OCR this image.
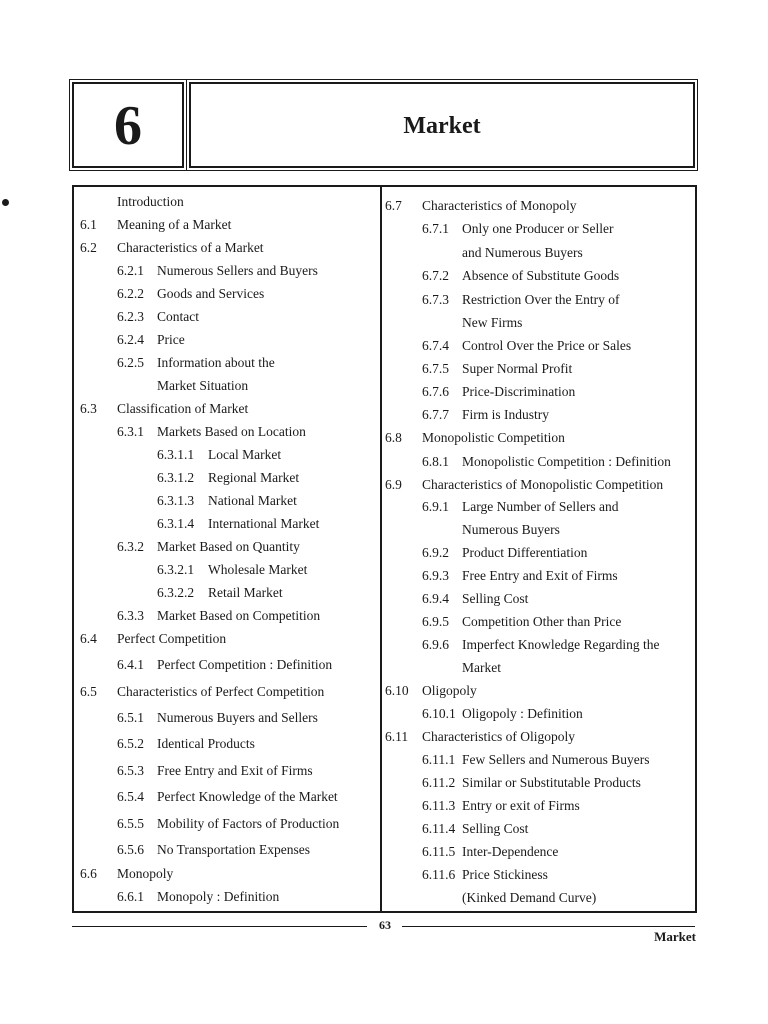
6	Market
Introduction
6.1 Meaning of a Market
6.2 Characteristics of a Market
6.2.1 Numerous Sellers and Buyers
6.2.2 Goods and Services
6.2.3 Contact
6.2.4 Price
6.2.5 Information about the
Market Situation
6.3 Classification of Market
6.3.1 Markets Based on Location
6.3.1.1 Local Market
6.3.1.2 Regional Market
6.3.1.3 National Market
6.3.1.4 International Market
6.3.2 Market Based on Quantity
6.3.2.1 Wholesale Market
6.3.2.2 Retail Market
6.3.3 Market Based on Competition
6.4 Perfect Competition
6.4.1 Perfect Competition : Definition
6.5 Characteristics of Perfect Competition
6.5.1 Numerous Buyers and Sellers
6.5.2 Identical Products
6.5.3 Free Entry and Exit of Firms
6.5.4 Perfect Knowledge of the Market
6.5.5 Mobility of Factors of Production
6.5.6 No Transportation Expenses
6.6 Monopoly
6.6.1 Monopoly : Definition
6.7 Characteristics of Monopoly
6.7.1 Only one Producer or Seller
and Numerous Buyers
6.7.2 Absence of Substitute Goods
6.7.3 Restriction Over the Entry of
New Firms
6.7.4 Control Over the Price or Sales
6.7.5 Super Normal Profit
6.7.6 Price-Discrimination
6.7.7 Firm is Industry
6.8 Monopolistic Competition
6.8.1 Monopolistic Competition : Definition
6.9 Characteristics of Monopolistic Competition
6.9.1 Large Number of Sellers and
Numerous Buyers
6.9.2 Product Differentiation
6.9.3 Free Entry and Exit of Firms
6.9.4 Selling Cost
6.9.5 Competition Other than Price
6.9.6 Imperfect Knowledge Regarding the
Market
6.10 Oligopoly
6.10.1 Oligopoly : Definition
6.11 Characteristics of Oligopoly
6.11.1 Few Sellers and Numerous Buyers
6.11.2 Similar or Substitutable Products
6.11.3 Entry or exit of Firms
6.11.4 Selling Cost
6.11.5 Inter-Dependence
6.11.6 Price Stickiness
(Kinked Demand Curve)
63
Market
